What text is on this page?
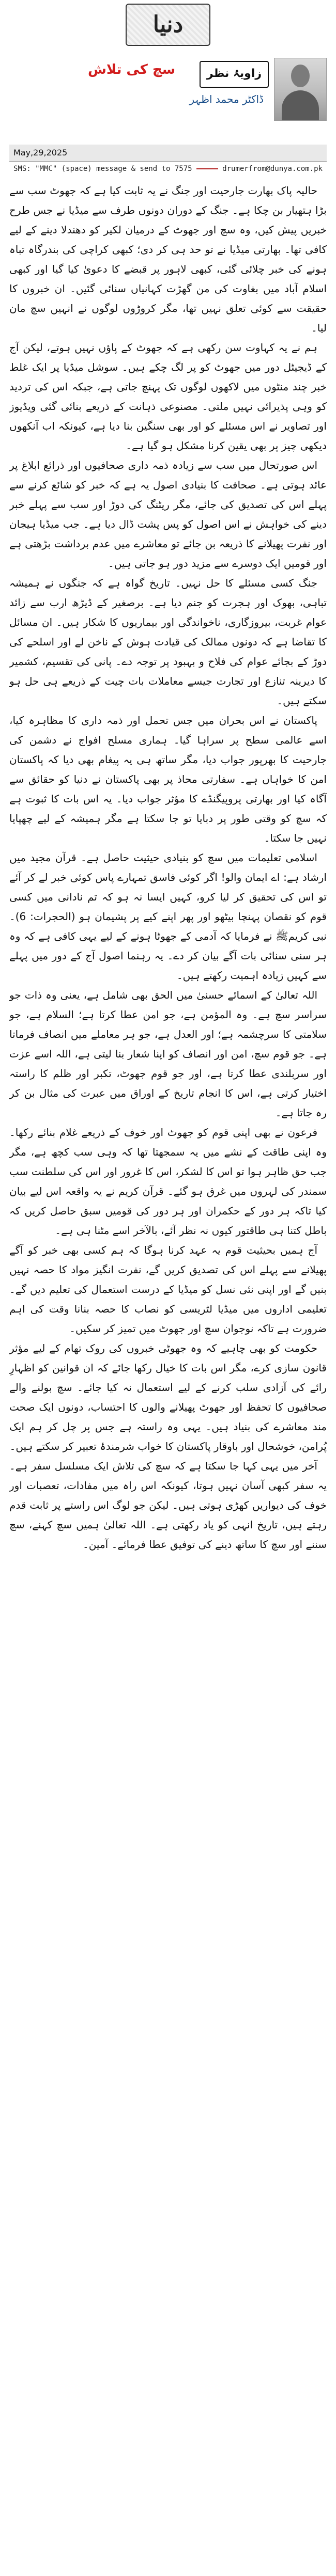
دنیا
زاویۂ نظر
ڈاکٹر محمد اظہر
سچ کی تلاش
May,29,2025
SMS: "MMC" (space) message & send to 7575	drumerfrom@dunya.com.pk

حالیہ پاک بھارت جارحیت اور جنگ نے یہ ثابت کیا ہے کہ جھوٹ سب سے بڑا ہتھیار بن چکا ہے۔ جنگ کے دوران دونوں طرف سے میڈیا نے جس طرح خبریں پیش کیں، وہ سچ اور جھوٹ کے درمیان لکیر کو دھندلا دینے کے لیے کافی تھا۔ بھارتی میڈیا نے تو حد ہی کر دی؛ کبھی کراچی کی بندرگاہ تباہ ہونے کی خبر چلائی گئی، کبھی لاہور پر قبضے کا دعویٰ کیا گیا اور کبھی اسلام آباد میں بغاوت کی من گھڑت کہانیاں سنائی گئیں۔ ان خبروں کا حقیقت سے کوئی تعلق نہیں تھا، مگر کروڑوں لوگوں نے انہیں سچ مان لیا۔

ہم نے یہ کہاوت سن رکھی ہے کہ جھوٹ کے پاؤں نہیں ہوتے، لیکن آج کے ڈیجیٹل دور میں جھوٹ کو پر لگ چکے ہیں۔ سوشل میڈیا پر ایک غلط خبر چند منٹوں میں لاکھوں لوگوں تک پہنچ جاتی ہے، جبکہ اس کی تردید کو وہی پذیرائی نہیں ملتی۔ مصنوعی ذہانت کے ذریعے بنائی گئی ویڈیوز اور تصاویر نے اس مسئلے کو اور بھی سنگین بنا دیا ہے، کیونکہ اب آنکھوں دیکھی چیز پر بھی یقین کرنا مشکل ہو گیا ہے۔

اس صورتحال میں سب سے زیادہ ذمہ داری صحافیوں اور ذرائع ابلاغ پر عائد ہوتی ہے۔ صحافت کا بنیادی اصول یہ ہے کہ خبر کو شائع کرنے سے پہلے اس کی تصدیق کی جائے، مگر ریٹنگ کی دوڑ اور سب سے پہلے خبر دینے کی خواہش نے اس اصول کو پس پشت ڈال دیا ہے۔ جب میڈیا ہیجان اور نفرت پھیلانے کا ذریعہ بن جائے تو معاشرے میں عدم برداشت بڑھتی ہے اور قومیں ایک دوسرے سے مزید دور ہو جاتی ہیں۔

جنگ کسی مسئلے کا حل نہیں۔ تاریخ گواہ ہے کہ جنگوں نے ہمیشہ تباہی، بھوک اور ہجرت کو جنم دیا ہے۔ برصغیر کے ڈیڑھ ارب سے زائد عوام غربت، بیروزگاری، ناخواندگی اور بیماریوں کا شکار ہیں۔ ان مسائل کا تقاضا ہے کہ دونوں ممالک کی قیادت ہوش کے ناخن لے اور اسلحے کی دوڑ کے بجائے عوام کی فلاح و بہبود پر توجہ دے۔ پانی کی تقسیم، کشمیر کا دیرینہ تنازع اور تجارت جیسے معاملات بات چیت کے ذریعے ہی حل ہو سکتے ہیں۔

پاکستان نے اس بحران میں جس تحمل اور ذمہ داری کا مظاہرہ کیا، اسے عالمی سطح پر سراہا گیا۔ ہماری مسلح افواج نے دشمن کی جارحیت کا بھرپور جواب دیا، مگر ساتھ ہی یہ پیغام بھی دیا کہ پاکستان امن کا خواہاں ہے۔ سفارتی محاذ پر بھی پاکستان نے دنیا کو حقائق سے آگاہ کیا اور بھارتی پروپیگنڈے کا مؤثر جواب دیا۔ یہ اس بات کا ثبوت ہے کہ سچ کو وقتی طور پر دبایا تو جا سکتا ہے مگر ہمیشہ کے لیے چھپایا نہیں جا سکتا۔

اسلامی تعلیمات میں سچ کو بنیادی حیثیت حاصل ہے۔ قرآن مجید میں ارشاد ہے: اے ایمان والو! اگر کوئی فاسق تمہارے پاس کوئی خبر لے کر آئے تو اس کی تحقیق کر لیا کرو، کہیں ایسا نہ ہو کہ تم نادانی میں کسی قوم کو نقصان پہنچا بیٹھو اور پھر اپنے کیے پر پشیمان ہو (الحجرات: 6)۔ نبی کریمﷺ نے فرمایا کہ آدمی کے جھوٹا ہونے کے لیے یہی کافی ہے کہ وہ ہر سنی سنائی بات آگے بیان کر دے۔ یہ رہنما اصول آج کے دور میں پہلے سے کہیں زیادہ اہمیت رکھتے ہیں۔

اللہ تعالیٰ کے اسمائے حسنیٰ میں الحق بھی شامل ہے، یعنی وہ ذات جو سراسر سچ ہے۔ وہ المؤمن ہے، جو امن عطا کرتا ہے؛ السلام ہے، جو سلامتی کا سرچشمہ ہے؛ اور العدل ہے، جو ہر معاملے میں انصاف فرماتا ہے۔ جو قوم سچ، امن اور انصاف کو اپنا شعار بنا لیتی ہے، اللہ اسے عزت اور سربلندی عطا کرتا ہے، اور جو قوم جھوٹ، تکبر اور ظلم کا راستہ اختیار کرتی ہے، اس کا انجام تاریخ کے اوراق میں عبرت کی مثال بن کر رہ جاتا ہے۔

فرعون نے بھی اپنی قوم کو جھوٹ اور خوف کے ذریعے غلام بنائے رکھا۔ وہ اپنی طاقت کے نشے میں یہ سمجھتا تھا کہ وہی سب کچھ ہے، مگر جب حق ظاہر ہوا تو اس کا لشکر، اس کا غرور اور اس کی سلطنت سب سمندر کی لہروں میں غرق ہو گئے۔ قرآن کریم نے یہ واقعہ اس لیے بیان کیا تاکہ ہر دور کے حکمران اور ہر دور کی قومیں سبق حاصل کریں کہ باطل کتنا ہی طاقتور کیوں نہ نظر آئے، بالآخر اسے مٹنا ہی ہے۔

آج ہمیں بحیثیت قوم یہ عہد کرنا ہوگا کہ ہم کسی بھی خبر کو آگے پھیلانے سے پہلے اس کی تصدیق کریں گے، نفرت انگیز مواد کا حصہ نہیں بنیں گے اور اپنی نئی نسل کو میڈیا کے درست استعمال کی تعلیم دیں گے۔ تعلیمی اداروں میں میڈیا لٹریسی کو نصاب کا حصہ بنانا وقت کی اہم ضرورت ہے تاکہ نوجوان سچ اور جھوٹ میں تمیز کر سکیں۔

حکومت کو بھی چاہیے کہ وہ جھوٹی خبروں کی روک تھام کے لیے مؤثر قانون سازی کرے، مگر اس بات کا خیال رکھا جائے کہ ان قوانین کو اظہارِ رائے کی آزادی سلب کرنے کے لیے استعمال نہ کیا جائے۔ سچ بولنے والے صحافیوں کا تحفظ اور جھوٹ پھیلانے والوں کا احتساب، دونوں ایک صحت مند معاشرے کی بنیاد ہیں۔ یہی وہ راستہ ہے جس پر چل کر ہم ایک پُرامن، خوشحال اور باوقار پاکستان کا خواب شرمندۂ تعبیر کر سکتے ہیں۔

آخر میں یہی کہا جا سکتا ہے کہ سچ کی تلاش ایک مسلسل سفر ہے۔ یہ سفر کبھی آسان نہیں ہوتا، کیونکہ اس راہ میں مفادات، تعصبات اور خوف کی دیواریں کھڑی ہوتی ہیں۔ لیکن جو لوگ اس راستے پر ثابت قدم رہتے ہیں، تاریخ انہی کو یاد رکھتی ہے۔ اللہ تعالیٰ ہمیں سچ کہنے، سچ سننے اور سچ کا ساتھ دینے کی توفیق عطا فرمائے۔ آمین۔
